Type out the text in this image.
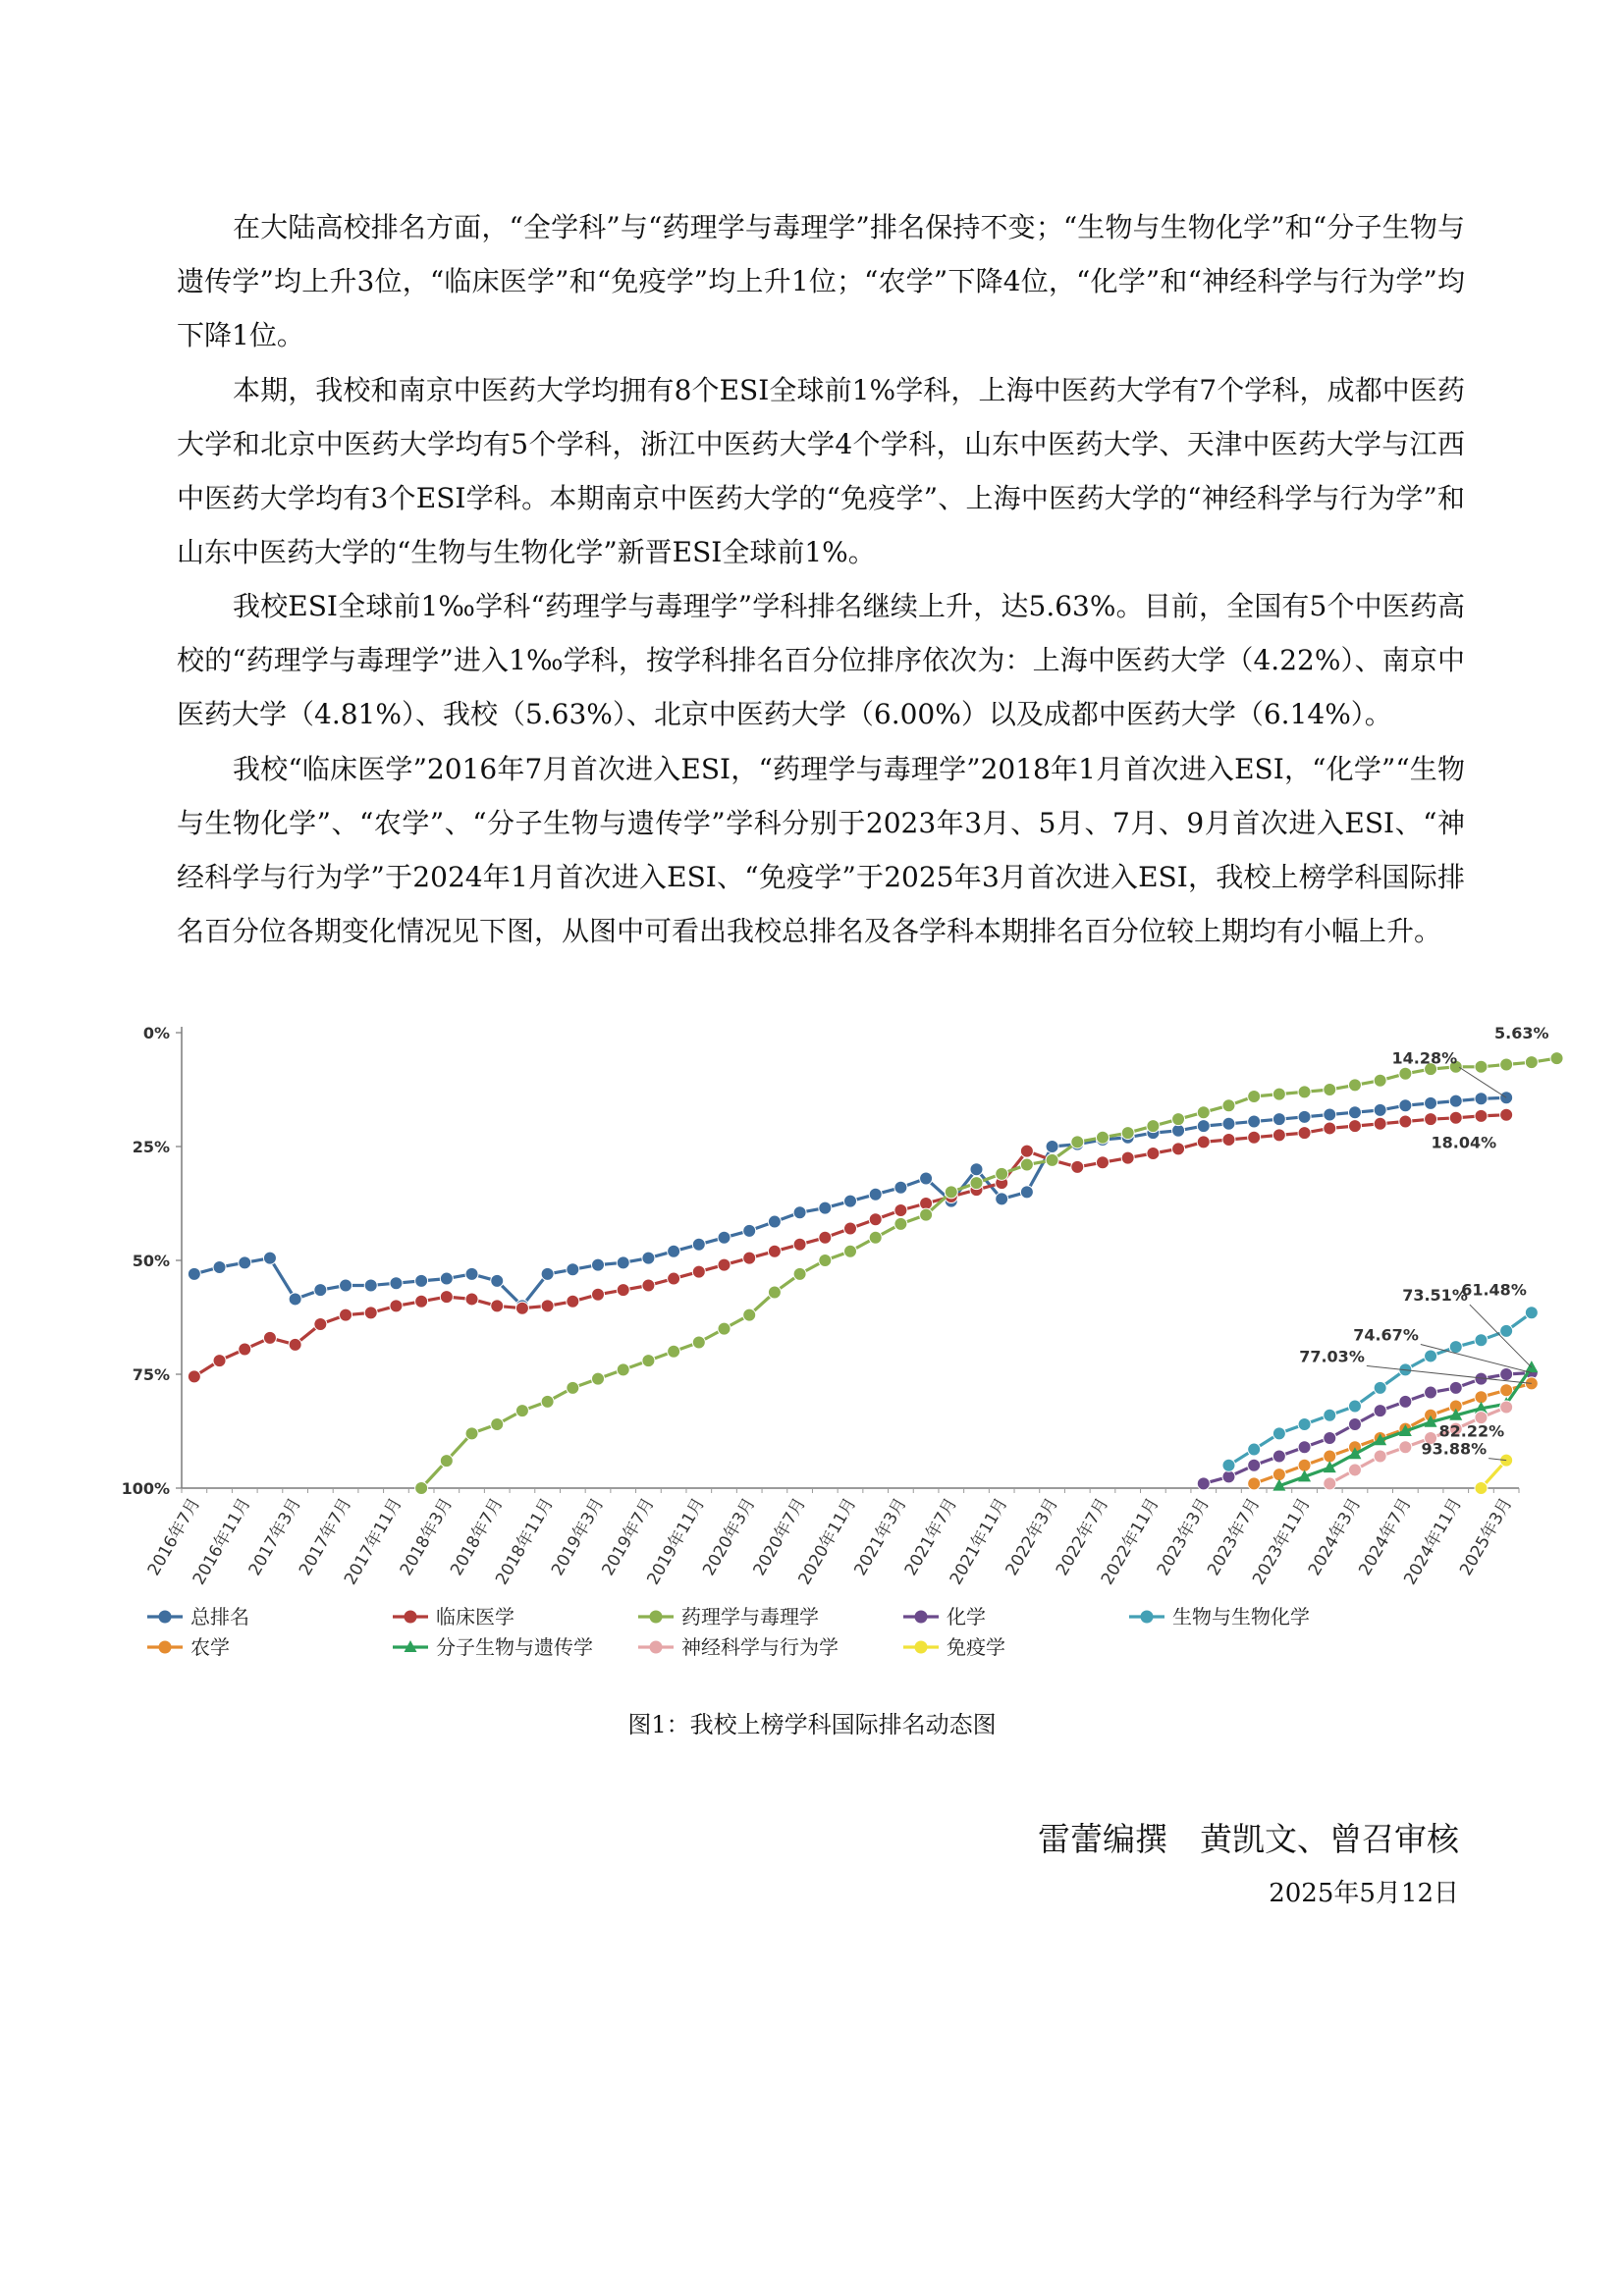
在大陆高校排名方面，“全学科”与“药理学与毒理学”排名保持不变；“生物与生物化学”和“分子生物与遗传学”均上升3位，“临床医学”和“免疫学”均上升1位；“农学”下降4位，“化学”和“神经科学与行为学”均下降1位。

本期，我校和南京中医药大学均拥有8个ESI全球前1%学科，上海中医药大学有7个学科，成都中医药大学和北京中医药大学均有5个学科，浙江中医药大学4个学科，山东中医药大学、天津中医药大学与江西中医药大学均有3个ESI学科。本期南京中医药大学的“免疫学”、上海中医药大学的“神经科学与行为学”和山东中医药大学的“生物与生物化学”新晋ESI全球前1%。

我校ESI全球前1‰学科“药理学与毒理学”学科排名继续上升，达5.63%。目前，全国有5个中医药高校的“药理学与毒理学”进入1‰学科，按学科排名百分位排序依次为：上海中医药大学（4.22%）、南京中医药大学（4.81%）、我校（5.63%）、北京中医药大学（6.00%）以及成都中医药大学（6.14%）。

我校“临床医学”2016年7月首次进入ESI，“药理学与毒理学”2018年1月首次进入ESI，“化学”“生物与生物化学”、“农学”、“分子生物与遗传学”学科分别于2023年3月、5月、7月、9月首次进入ESI、“神经科学与行为学”于2024年1月首次进入ESI、“免疫学”于2025年3月首次进入ESI，我校上榜学科国际排名百分位各期变化情况见下图，从图中可看出我校总排名及各学科本期排名百分位较上期均有小幅上升。

0%
25%
50%
75%
100%
2016年7月
2016年11月
2017年3月
2017年7月
2017年11月
2018年3月
2018年7月
2018年11月
2019年3月
2019年7月
2019年11月
2020年3月
2020年7月
2020年11月
2021年3月
2021年7月
2021年11月
2022年3月
2022年7月
2022年11月
2023年3月
2023年7月
2023年11月
2024年3月
2024年7月
2024年11月
2025年3月
5.63%
14.28%
18.04%
61.48%
73.51%
74.67%
77.03%
82.22%
93.88%
总排名	临床医学	药理学与毒理学	化学	生物与生物化学
农学	分子生物与遗传学	神经科学与行为学	免疫学
图1：我校上榜学科国际排名动态图
雷蕾编撰　黄凯文、曾召审核
2025年5月12日
